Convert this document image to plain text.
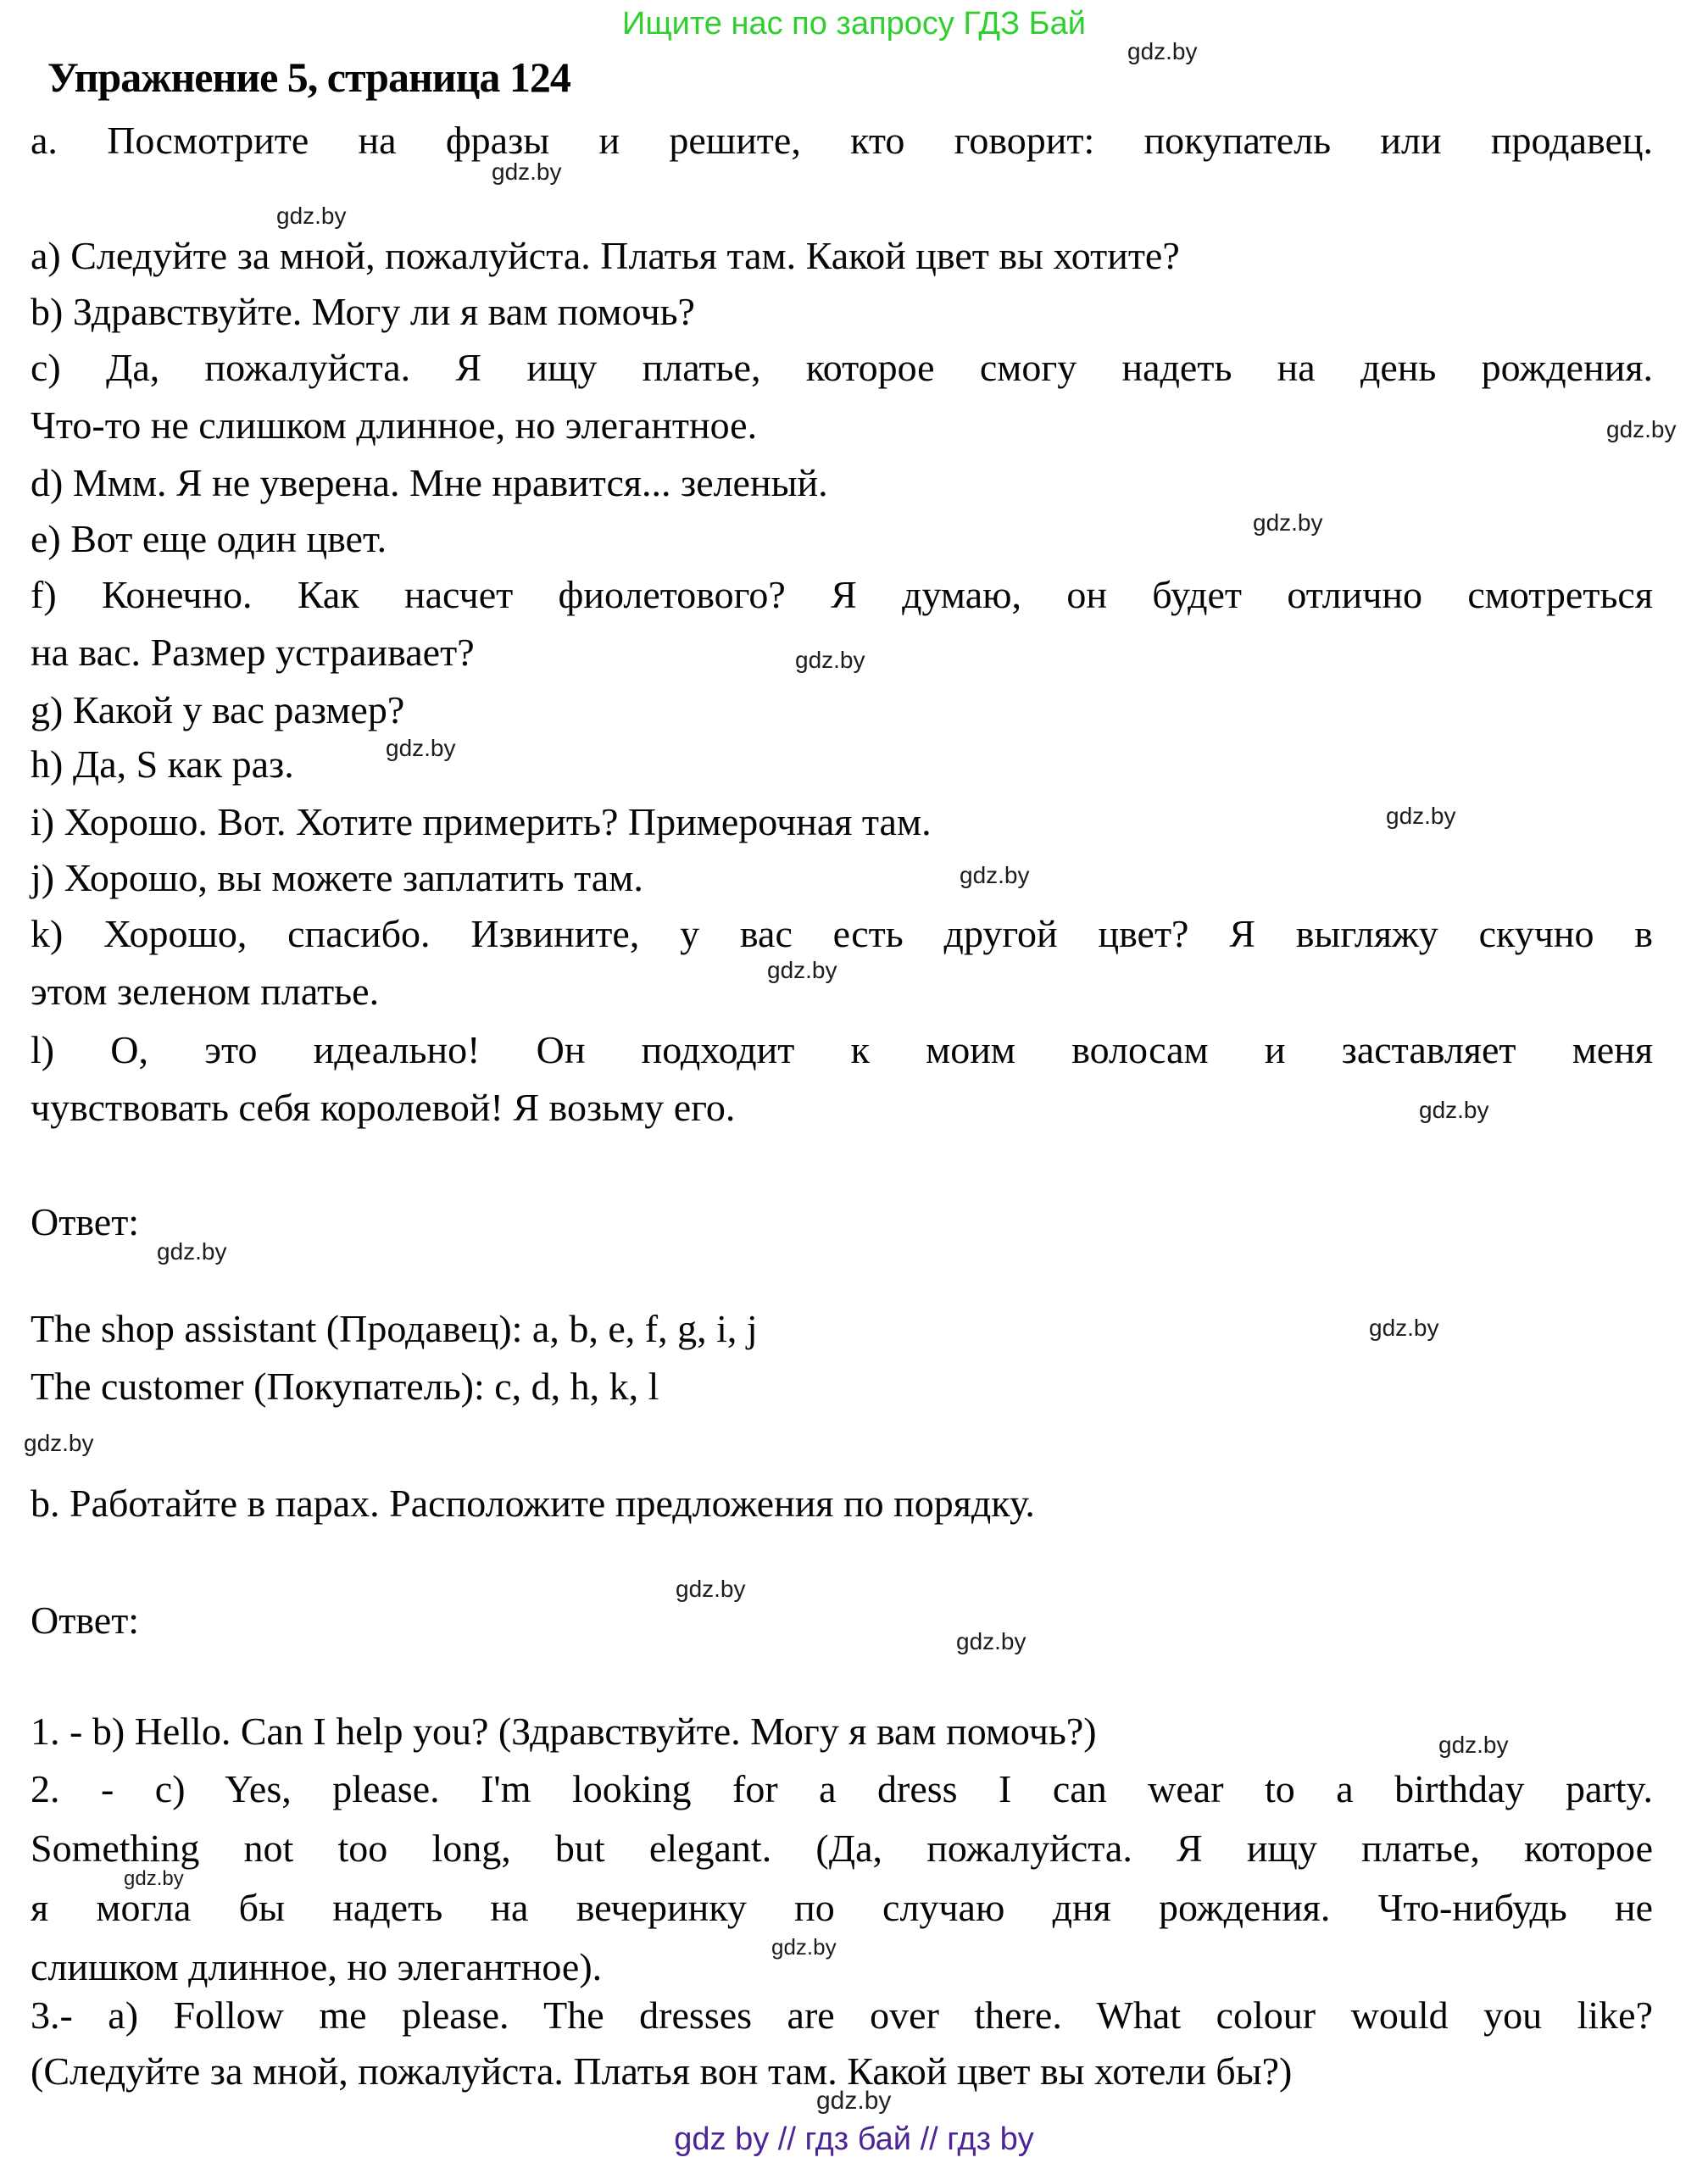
Ищите нас по запросу ГДЗ Бай
Упражнение 5, страница 124
a. Посмотрите на фразы и решите, кто говорит: покупатель или продавец.
a) Следуйте за мной, пожалуйста. Платья там. Какой цвет вы хотите?
b) Здравствуйте. Могу ли я вам помочь?
c) Да, пожалуйста. Я ищу платье, которое смогу надеть на день рождения.
Что-то не слишком длинное, но элегантное.
d) Ммм. Я не уверена. Мне нравится... зеленый.
e) Вот еще один цвет.
f) Конечно. Как насчет фиолетового? Я думаю, он будет отлично смотреться
на вас. Размер устраивает?
g) Какой у вас размер?
h) Да, S как раз.
i) Хорошо. Вот. Хотите примерить? Примерочная там.
j) Хорошо, вы можете заплатить там.
k) Хорошо, спасибо. Извините, у вас есть другой цвет? Я выгляжу скучно в
этом зеленом платье.
l) О, это идеально! Он подходит к моим волосам и заставляет меня
чувствовать себя королевой! Я возьму его.
Ответ:
The shop assistant (Продавец): a, b, e, f, g, i, j
The customer (Покупатель): c, d, h, k, l
b. Работайте в парах. Расположите предложения по порядку.
Ответ:
1. - b) Hello. Can I help you? (Здравствуйте. Могу я вам помочь?)
2. - c) Yes, please. I'm looking for a dress I can wear to a birthday party.
Something not too long, but elegant. (Да, пожалуйста. Я ищу платье, которое
я могла бы надеть на вечеринку по случаю дня рождения. Что-нибудь не
слишком длинное, но элегантное).
3.- a) Follow me please. The dresses are over there. What colour would you like?
(Следуйте за мной, пожалуйста. Платья вон там. Какой цвет вы хотели бы?)
gdz.by
gdz.by
gdz.by
gdz.by
gdz.by
gdz.by
gdz.by
gdz.by
gdz.by
gdz.by
gdz.by
gdz.by
gdz.by
gdz.by
gdz.by
gdz.by
gdz.by
gdz.by
gdz.by
gdz.by
gdz by // гдз бай // гдз by
